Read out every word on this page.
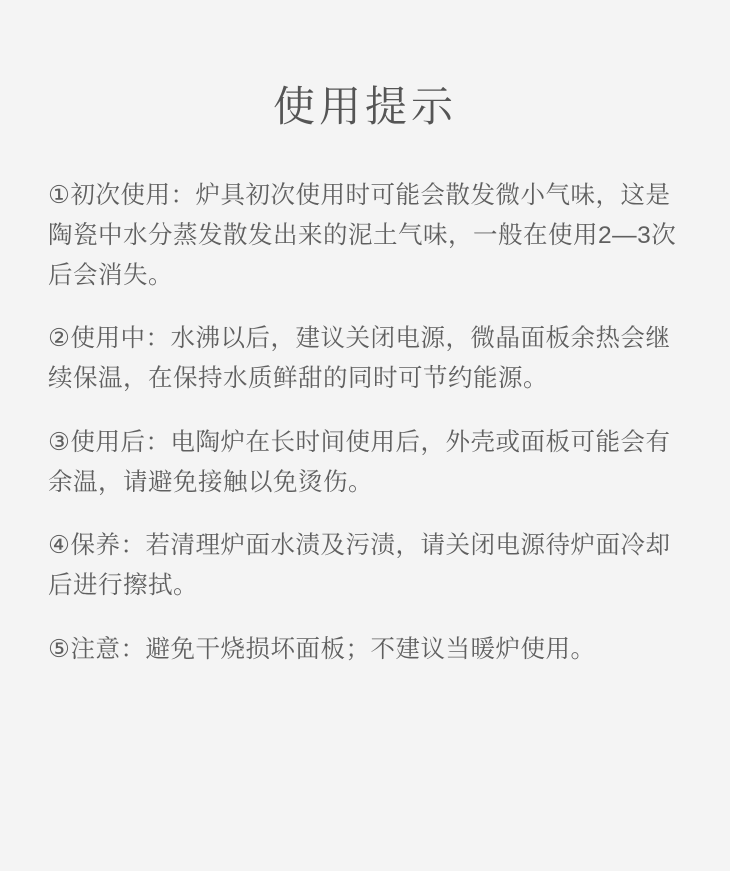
使用提示
①初次使用：炉具初次使用时可能会散发微小气味，这是陶瓷中水分蒸发散发出来的泥土气味，一般在使用2—3次后会消失。
②使用中：水沸以后，建议关闭电源，微晶面板余热会继续保温，在保持水质鲜甜的同时可节约能源。
③使用后：电陶炉在长时间使用后，外壳或面板可能会有余温，请避免接触以免烫伤。
④保养：若清理炉面水渍及污渍，请关闭电源待炉面冷却后进行擦拭。
⑤注意：避免干烧损坏面板；不建议当暖炉使用。
